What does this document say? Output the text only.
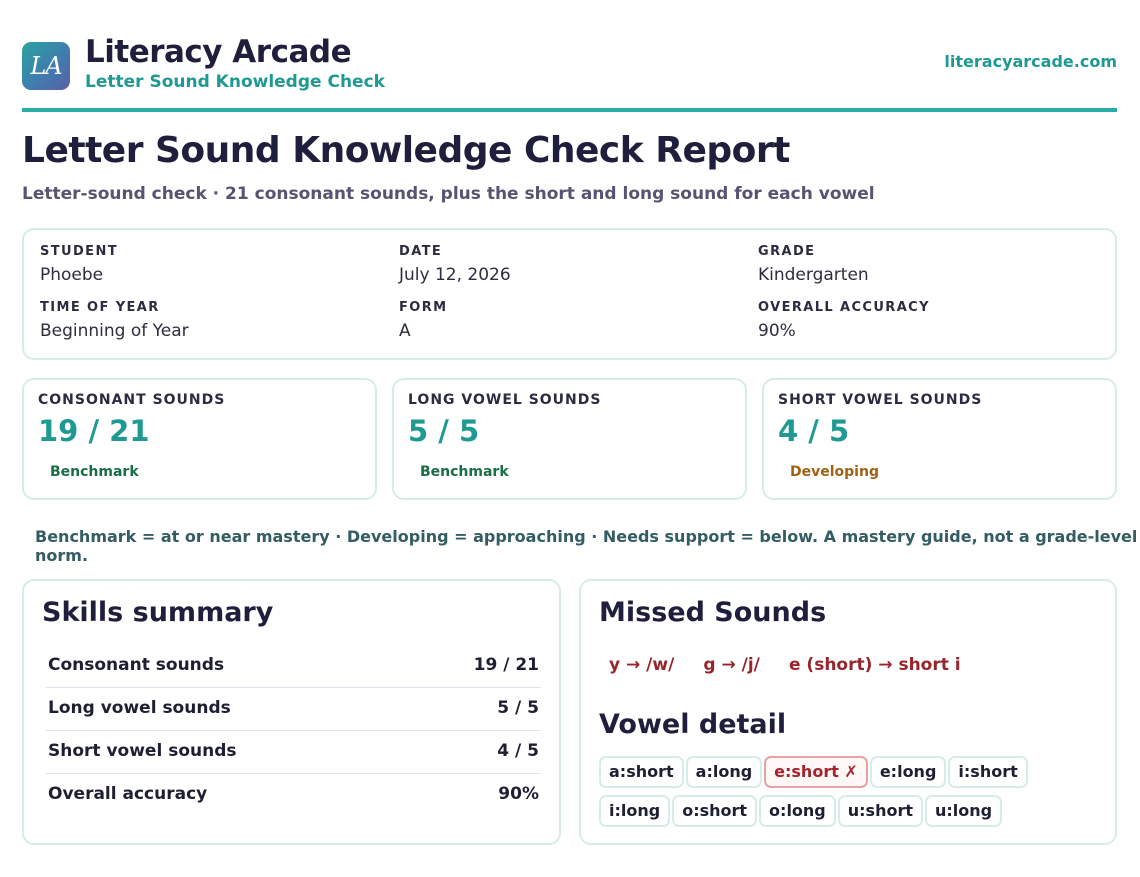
LA Literacy Arcade
Letter Sound Knowledge Check
literacyarcade.com
Letter Sound Knowledge Check Report
Letter-sound check · 21 consonant sounds, plus the short and long sound for each vowel
STUDENT
Phoebe
DATE
July 12, 2026
GRADE
Kindergarten
TIME OF YEAR
Beginning of Year
FORM
A
OVERALL ACCURACY
90%
CONSONANT SOUNDS
19 / 21
Benchmark
LONG VOWEL SOUNDS
5 / 5
Benchmark
SHORT VOWEL SOUNDS
4 / 5
Developing
Benchmark = at or near mastery · Developing = approaching · Needs support = below. A mastery guide, not a grade-level norm.
Skills summary
Consonant sounds	19 / 21
Long vowel sounds	5 / 5
Short vowel sounds	4 / 5
Overall accuracy	90%
Missed Sounds
y → /w/ g → /j/ e (short) → short i
Vowel detail
a:short a:long e:short ✗ e:long i:short
i:long o:short o:long u:short u:long
